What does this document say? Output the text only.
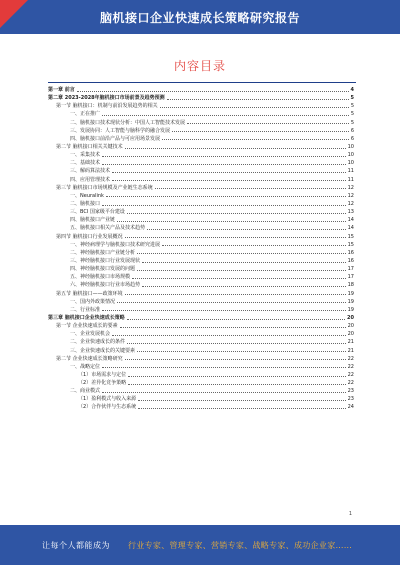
脑机接口企业快速成长策略研究报告
内容目录
第一章 前言	4
第二章 2023-2028年脑机接口市场前景及趋势预测	5
第一节 脑机接口：机制与前沿发展趋势的相关	5
一、正在推广	5
二、脑机接口技术现状分析：中国人工智能技术发展	5
三、发展协同：人工智能与脑科学的融合发展	6
四、脑机接口前沿产品与可应用场景发展	6
第二节 脑机接口相关关键技术	10
一、采集技术	10
二、基础技术	10
三、解码算法技术	11
四、应用管理技术	11
第三节 脑机接口市场规模及产业链生态系统	12
一、Neuralink	12
二、脑机接口	12
三、BCI 国家级平台建设	13
四、脑机接口产业链	14
五、脑机接口相关产品及技术趋势	14
第四节 脑机接口行业发展概况	15
一、神经病理学与脑机接口技术研究进展	15
二、神经脑机接口产业链分析	16
三、神经脑机接口行业发展现状	16
四、神经脑机接口发展的问题	17
五、神经脑机接口市场规模	17
六、神经脑机接口行业市场趋势	18
第五节 脑机接口——政策环境	19
一、国内外政策情况	19
二、行业标准	19
第三章 脑机接口企业快速成长策略	20
第一节 企业快速成长的要素	20
一、企业发展机会	20
二、企业快速成长的条件	21
三、企业快速成长的关键要素	21
第二节 企业快速成长策略研究	22
一、战略定位	22
（1）市场需求与定位	22
（2）差异化竞争策略	22
二、商业模式	23
（1）盈利模式与收入来源	23
（2）合作伙伴与生态系统	24
1
让每个人都能成为 行业专家、管理专家、营销专家、战略专家、成功企业家……
